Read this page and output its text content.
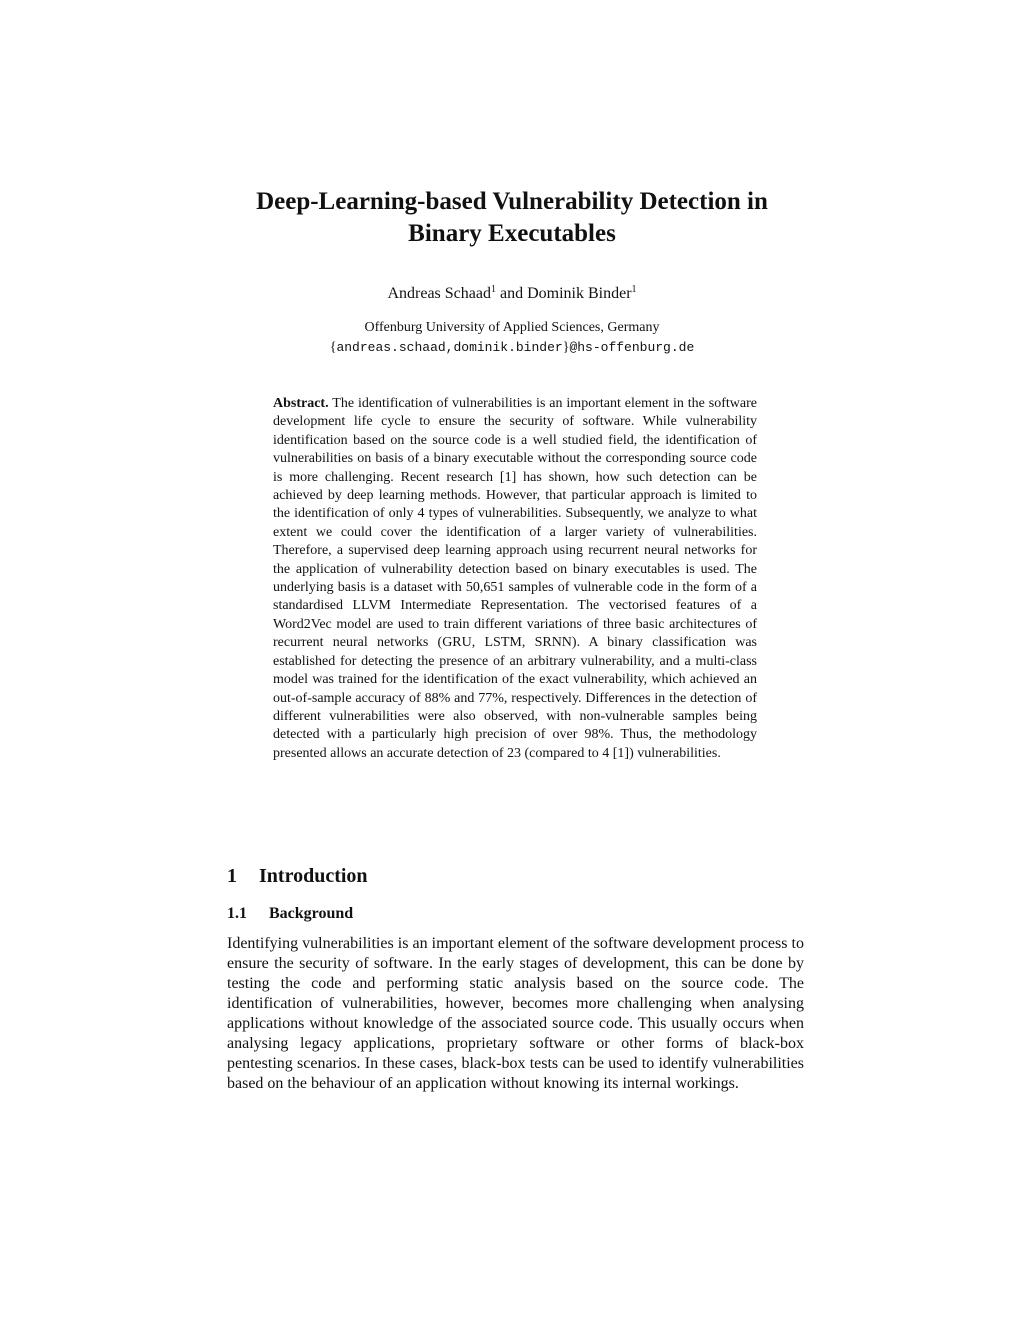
Deep-Learning-based Vulnerability Detection in
Binary Executables
Andreas Schaad$^1$ and Dominik Binder$^1$
Offenburg University of Applied Sciences, Germany
{andreas.schaad,dominik.binder}@hs-offenburg.de

Abstract. The identification of vulnerabilities is an important element in the software development life cycle to ensure the security of software. While vulnerability identification based on the source code is a well studied field, the identification of vulnerabilities on basis of a binary executable without the corresponding source code is more challenging. Recent research [1] has shown, how such detection can be achieved by deep learning methods. However, that particular approach is limited to the identification of only 4 types of vulnerabilities. Subsequently, we analyze to what extent we could cover the identification of a larger variety of vulnerabilities. Therefore, a supervised deep learning approach using recurrent neural networks for the application of vulnerability detection based on binary executables is used. The underlying basis is a dataset with 50,651 samples of vulnerable code in the form of a standardised LLVM Intermediate Representation. The vectorised features of a Word2Vec model are used to train different variations of three basic architectures of recurrent neural networks (GRU, LSTM, SRNN). A binary classification was established for detecting the presence of an arbitrary vulnerability, and a multi-class model was trained for the identification of the exact vulnerability, which achieved an out-of-sample accuracy of 88% and 77%, respectively. Differences in the detection of different vulnerabilities were also observed, with non-vulnerable samples being detected with a particularly high precision of over 98%. Thus, the methodology presented allows an accurate detection of 23 (compared to 4 [1]) vulnerabilities.

1 Introduction
1.1 Background

Identifying vulnerabilities is an important element of the software development process to ensure the security of software. In the early stages of development, this can be done by testing the code and performing static analysis based on the source code. The identification of vulnerabilities, however, becomes more challenging when analysing applications without knowledge of the associated source code. This usually occurs when analysing legacy applications, proprietary software or other forms of black-box pentesting scenarios. In these cases, black-box tests can be used to identify vulnerabilities based on the behaviour of an application without knowing its internal workings.
